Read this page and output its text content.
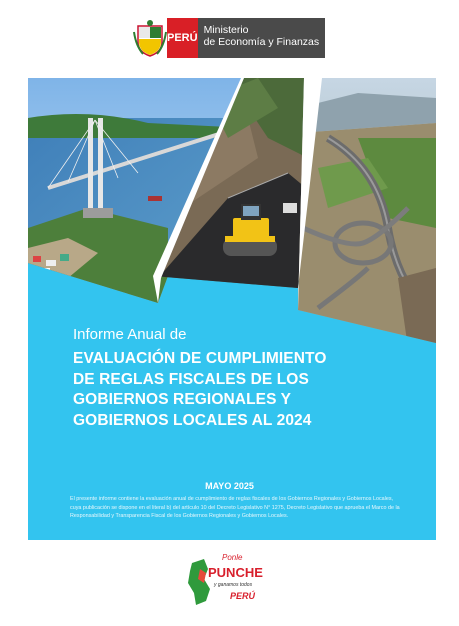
PERÚ
Ministerio
de Economía y Finanzas
Informe Anual de
EVALUACIÓN DE CUMPLIMIENTO
DE REGLAS FISCALES DE LOS
GOBIERNOS REGIONALES Y
GOBIERNOS LOCALES AL 2024
MAYO 2025
El presente informe contiene la evaluación anual de cumplimiento de reglas fiscales de los Gobiernos Regionales y Gobiernos Locales, cuya publicación se dispone en el literal b) del artículo 10 del Decreto Legislativo N° 1275, Decreto Legislativo que aprueba el Marco de la Responsabilidad y Transparencia Fiscal de los Gobiernos Regionales y Gobiernos Locales.
Ponle
PUNCHE
y ganamos todos
PERÚ
